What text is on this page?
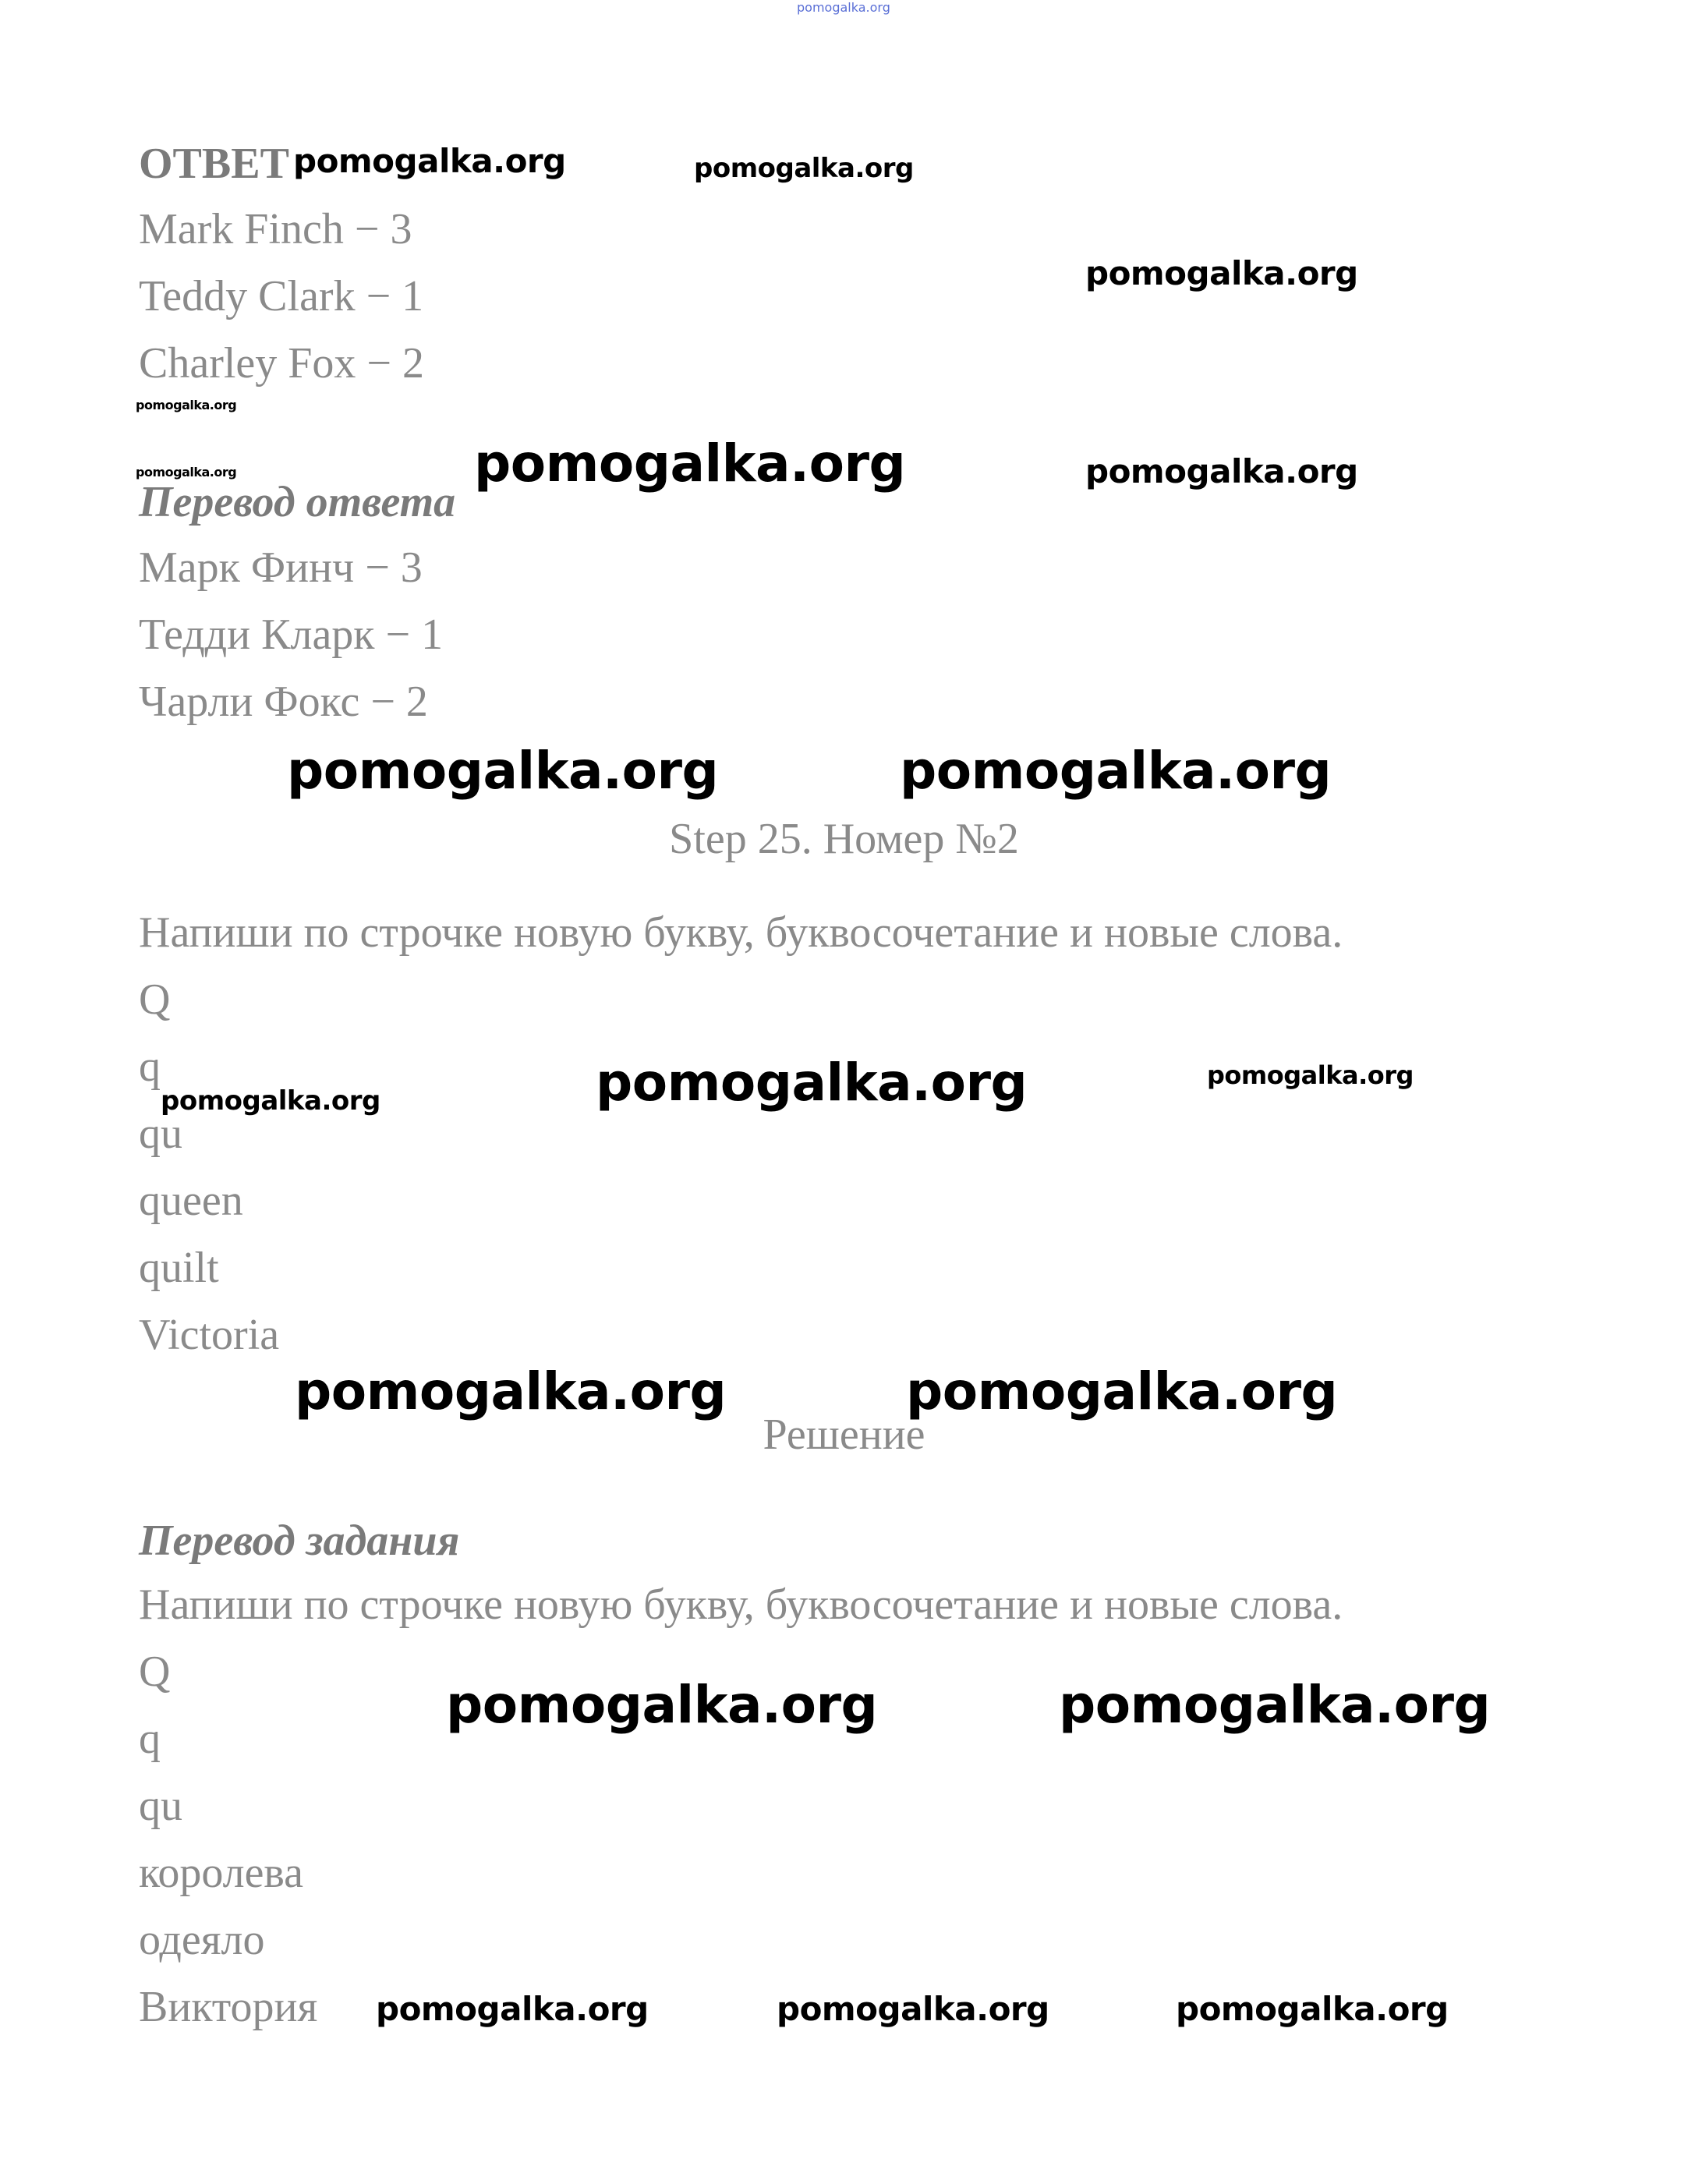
pomogalka.org
ОТВЕТ
Mark Finch − 3
Teddy Clark − 1
Charley Fox − 2
Перевод ответа
Марк Финч − 3
Тедди Кларк − 1
Чарли Фокс − 2
Step 25. Номер №2
Напиши по строчке новую букву, буквосочетание и новые слова.
Q
q
qu
queen
quilt
Victoria
Решение
Перевод задания
Напиши по строчке новую букву, буквосочетание и новые слова.
Q
q
qu
королева
одеяло
Виктория
pomogalka.org	pomogalka.org
pomogalka.org
pomogalka.org
pomogalka.org	pomogalka.org	pomogalka.org
pomogalka.org	pomogalka.org
pomogalka.org	pomogalka.org	pomogalka.org
pomogalka.org	pomogalka.org
pomogalka.org	pomogalka.org
pomogalka.org	pomogalka.org	pomogalka.org
